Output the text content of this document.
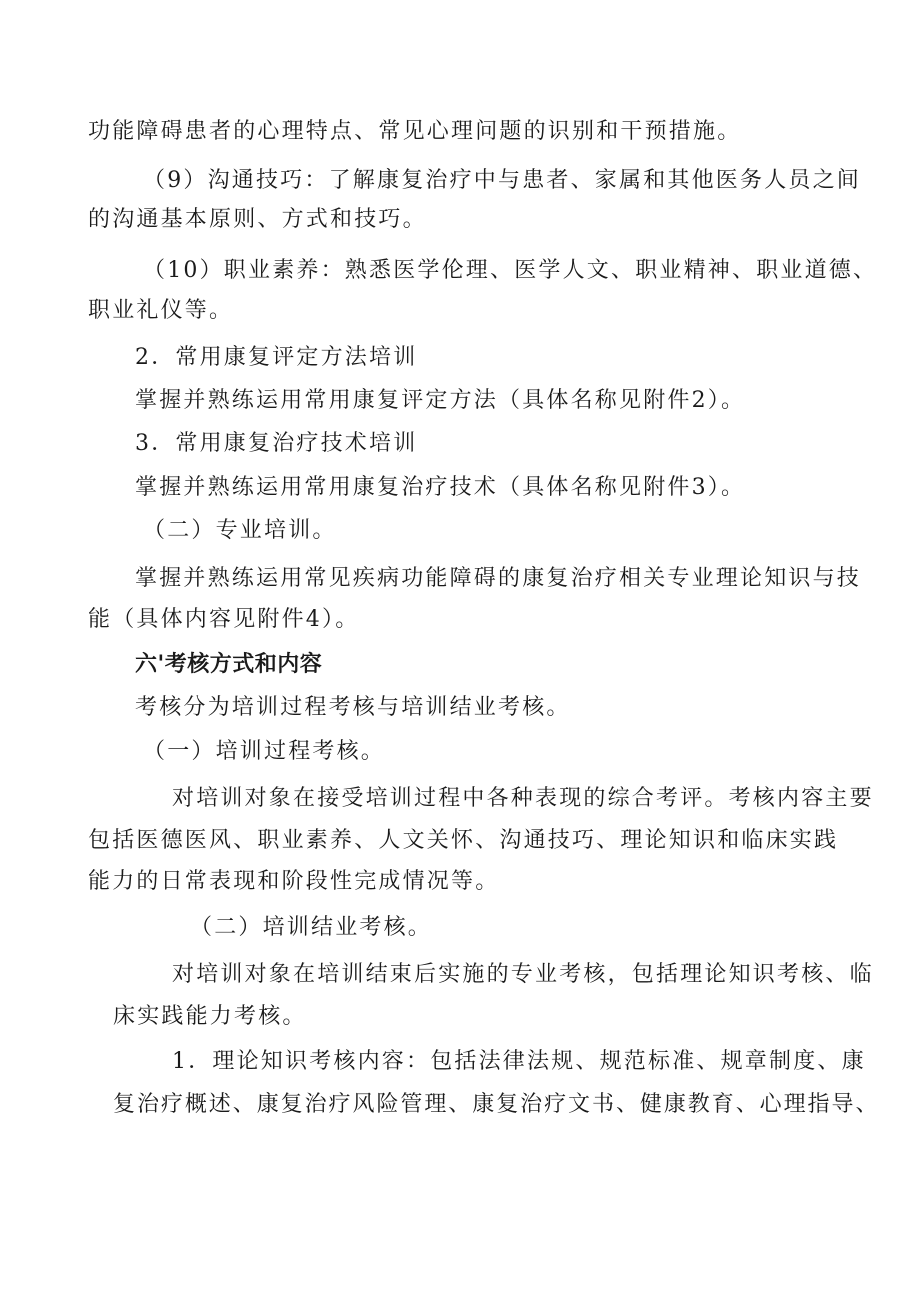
功能障碍患者的心理特点、常见心理问题的识别和干预措施。
（9）沟通技巧：了解康复治疗中与患者、家属和其他医务人员之间
的沟通基本原则、方式和技巧。
（10）职业素养：熟悉医学伦理、医学人文、职业精神、职业道德、
职业礼仪等。
2．常用康复评定方法培训
掌握并熟练运用常用康复评定方法（具体名称见附件2）。
3．常用康复治疗技术培训
掌握并熟练运用常用康复治疗技术（具体名称见附件3）。
（二）专业培训。
掌握并熟练运用常见疾病功能障碍的康复治疗相关专业理论知识与技
能（具体内容见附件4）。
六'考核方式和内容
考核分为培训过程考核与培训结业考核。
（一）培训过程考核。
对培训对象在接受培训过程中各种表现的综合考评。考核内容主要
包括医德医风、职业素养、人文关怀、沟通技巧、理论知识和临床实践
能力的日常表现和阶段性完成情况等。
（二）培训结业考核。
对培训对象在培训结束后实施的专业考核，包括理论知识考核、临
床实践能力考核。
1．理论知识考核内容：包括法律法规、规范标准、规章制度、康
复治疗概述、康复治疗风险管理、康复治疗文书、健康教育、心理指导、
